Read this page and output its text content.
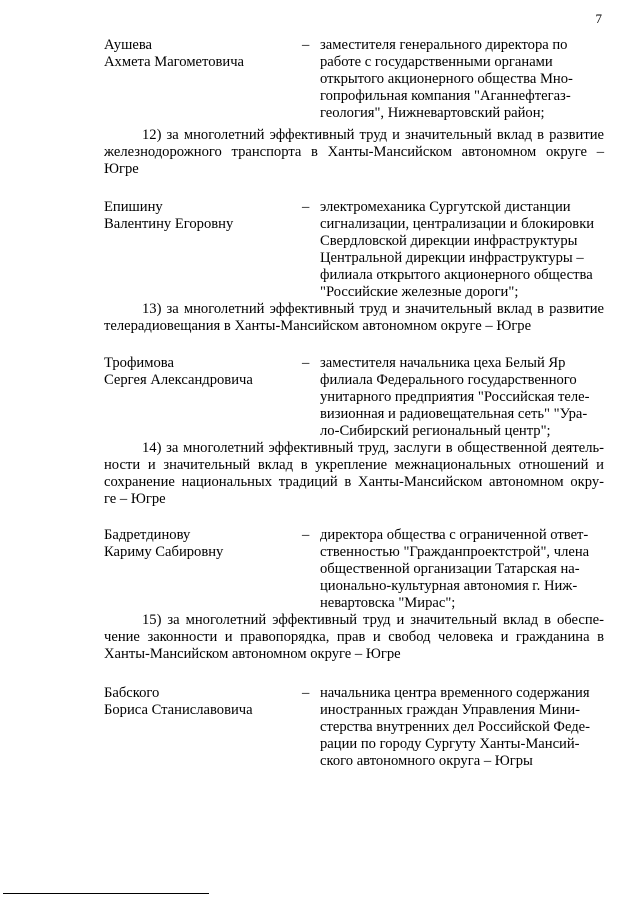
7
Аушева
Ахмета Магометовича
– заместителя генерального директора по
работе с государственными органами
открытого акционерного общества Мно-
гопрофильная компания "Аганнефтегаз-
геология", Нижневартовский район;
12) за многолетний эффективный труд и значительный вклад в развитие
железнодорожного транспорта в Ханты-Мансийском автономном округе –
Югре
Епишину
Валентину Егоровну
– электромеханика Сургутской дистанции
сигнализации, централизации и блокировки
Свердловской дирекции инфраструктуры
Центральной дирекции инфраструктуры –
филиала открытого акционерного общества
"Российские железные дороги";
13) за многолетний эффективный труд и значительный вклад в развитие
телерадиовещания в Ханты-Мансийском автономном округе – Югре
Трофимова
Сергея Александровича
– заместителя начальника цеха Белый Яр
филиала Федерального государственного
унитарного предприятия "Российская теле-
визионная и радиовещательная сеть" "Ура-
ло-Сибирский региональный центр";
14) за многолетний эффективный труд, заслуги в общественной деятель-
ности и значительный вклад в укрепление межнациональных отношений и
сохранение национальных традиций в Ханты-Мансийском автономном окру-
ге – Югре
Бадретдинову
Кариму Сабировну
– директора общества с ограниченной ответ-
ственностью "Гражданпроектстрой", члена
общественной организации Татарская на-
ционально-культурная автономия г. Ниж-
невартовска "Мирас";
15) за многолетний эффективный труд и значительный вклад в обеспе-
чение законности и правопорядка, прав и свобод человека и гражданина в
Ханты-Мансийском автономном округе – Югре
Бабского
Бориса Станиславовича
– начальника центра временного содержания
иностранных граждан Управления Мини-
стерства внутренних дел Российской Феде-
рации по городу Сургуту Ханты-Мансий-
ского автономного округа – Югры
